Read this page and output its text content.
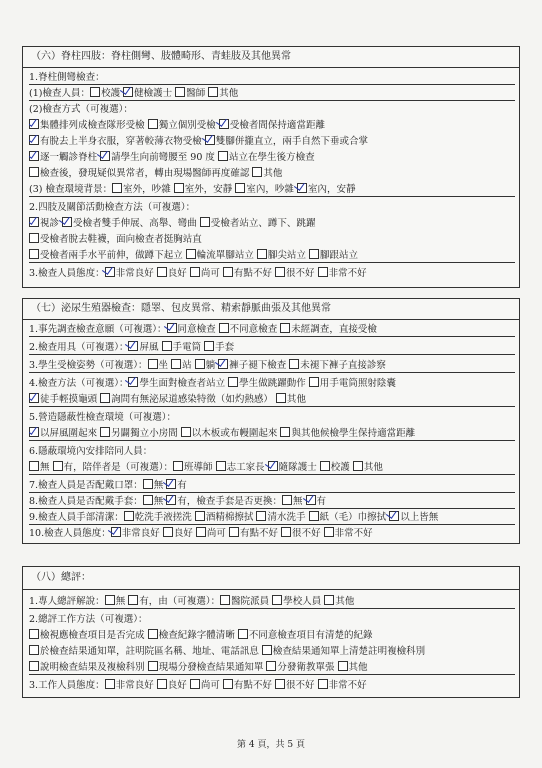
（六）脊柱四肢：脊柱側彎、肢體畸形、青蛙肢及其他異常
1.脊柱側彎檢查：
(1)檢查人員： 校護 健檢護士 醫師 其他
(2)檢查方式（可複選）：
集體排列成檢查隊形受檢 獨立個別受檢 受檢者間保持適當距離
有脫去上半身衣服，穿著較薄衣物受檢 雙腳併攏直立，兩手自然下垂或合掌
逐一觸診脊柱 請學生向前彎腰至 90 度 站立在學生後方檢查
檢查後，發現疑似異常者，轉由現場醫師再度確認 其他
(3) 檢查環境背景： 室外，吵雜 室外，安靜 室內，吵雜 室內，安靜
2.四肢及關節活動檢查方法（可複選）：
視診 受檢者雙手伸展、高舉、彎曲 受檢者站立、蹲下、跳躍
受檢者脫去鞋襪，面向檢查者挺胸站直
受檢者兩手水平前伸，做蹲下起立 輪流單腳站立 腳尖站立 腳跟站立
3.檢查人員態度： 非常良好 良好 尚可 有點不好 很不好 非常不好
（七）泌尿生殖器檢查：隱睪、包皮異常、精索靜脈曲張及其他異常
1.事先調查檢查意願（可複選）： 同意檢查 不同意檢查 未經調查，直接受檢
2.檢查用具（可複選）： 屏風 手電筒 手套
3.學生受檢姿勢（可複選）： 坐 站 躺 褲子褪下檢查 未褪下褲子直接診察
4.檢查方法（可複選）： 學生面對檢查者站立 學生做跳躍動作 用手電筒照射陰囊
徒手輕摸龜頭 詢問有無泌尿道感染特徵（如灼熱感） 其他
5.營造隱蔽性檢查環境（可複選）：
以屏風圍起來 另闢獨立小房間 以木板或布幔圍起來 與其他候檢學生保持適當距離
6.隱蔽環境內安排陪同人員：
無 有，陪伴者是（可複選）： 班導師 志工家長 隨隊護士 校護 其他
7.檢查人員是否配戴口罩： 無 有
8.檢查人員是否配戴手套： 無 有，檢查手套是否更換： 無 有
9.檢查人員手部清潔： 乾洗手液搓洗 酒精棉擦拭 清水洗手 紙（毛）巾擦拭 以上皆無
10.檢查人員態度： 非常良好 良好 尚可 有點不好 很不好 非常不好
（八）總評：
1.專人總評解說： 無 有，由（可複選）： 醫院派員 學校人員 其他
2.總評工作方法（可複選）：
檢視應檢查項目是否完成 檢查紀錄字體清晰 不同意檢查項目有清楚的紀錄
於檢查結果通知單，註明院區名稱、地址、電話訊息 檢查結果通知單上清楚註明複檢科別
說明檢查結果及複檢科別 現場分發檢查結果通知單 分發衛教單張 其他
3.工作人員態度： 非常良好 良好 尚可 有點不好 很不好 非常不好
第 4 頁，共 5 頁
